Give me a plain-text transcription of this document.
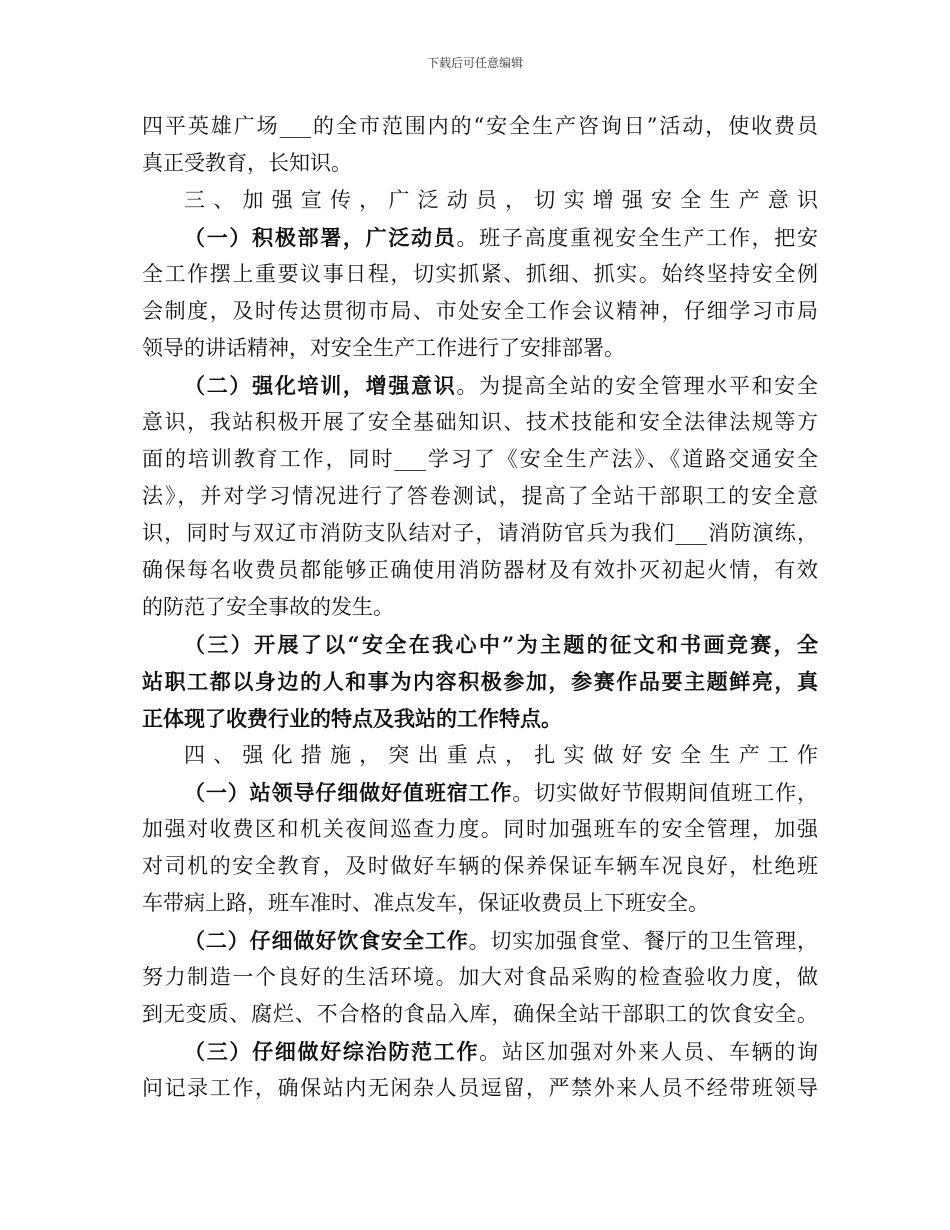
下载后可任意编辑
四平英雄广场___的全市范围内的“安全生产咨询日”活动，使收费员
真正受教育，长知识。
三、加强宣传，广泛动员，切实增强安全生产意识
（一）积极部署，广泛动员。班子高度重视安全生产工作，把安
全工作摆上重要议事日程，切实抓紧、抓细、抓实。始终坚持安全例
会制度，及时传达贯彻市局、市处安全工作会议精神，仔细学习市局
领导的讲话精神，对安全生产工作进行了安排部署。
（二）强化培训，增强意识。为提高全站的安全管理水平和安全
意识，我站积极开展了安全基础知识、技术技能和安全法律法规等方
面的培训教育工作，同时___学习了《安全生产法》、《道路交通安全
法》，并对学习情况进行了答卷测试，提高了全站干部职工的安全意
识，同时与双辽市消防支队结对子，请消防官兵为我们___消防演练，
确保每名收费员都能够正确使用消防器材及有效扑灭初起火情，有效
的防范了安全事故的发生。
（三）开展了以“安全在我心中”为主题的征文和书画竞赛，全
站职工都以身边的人和事为内容积极参加，参赛作品要主题鲜亮，真
正体现了收费行业的特点及我站的工作特点。
四、强化措施，突出重点，扎实做好安全生产工作
（一）站领导仔细做好值班宿工作。切实做好节假期间值班工作，
加强对收费区和机关夜间巡查力度。同时加强班车的安全管理，加强
对司机的安全教育，及时做好车辆的保养保证车辆车况良好，杜绝班
车带病上路，班车准时、准点发车，保证收费员上下班安全。
（二）仔细做好饮食安全工作。切实加强食堂、餐厅的卫生管理，
努力制造一个良好的生活环境。加大对食品采购的检查验收力度，做
到无变质、腐烂、不合格的食品入库，确保全站干部职工的饮食安全。
（三）仔细做好综治防范工作。站区加强对外来人员、车辆的询
问记录工作，确保站内无闲杂人员逗留，严禁外来人员不经带班领导
